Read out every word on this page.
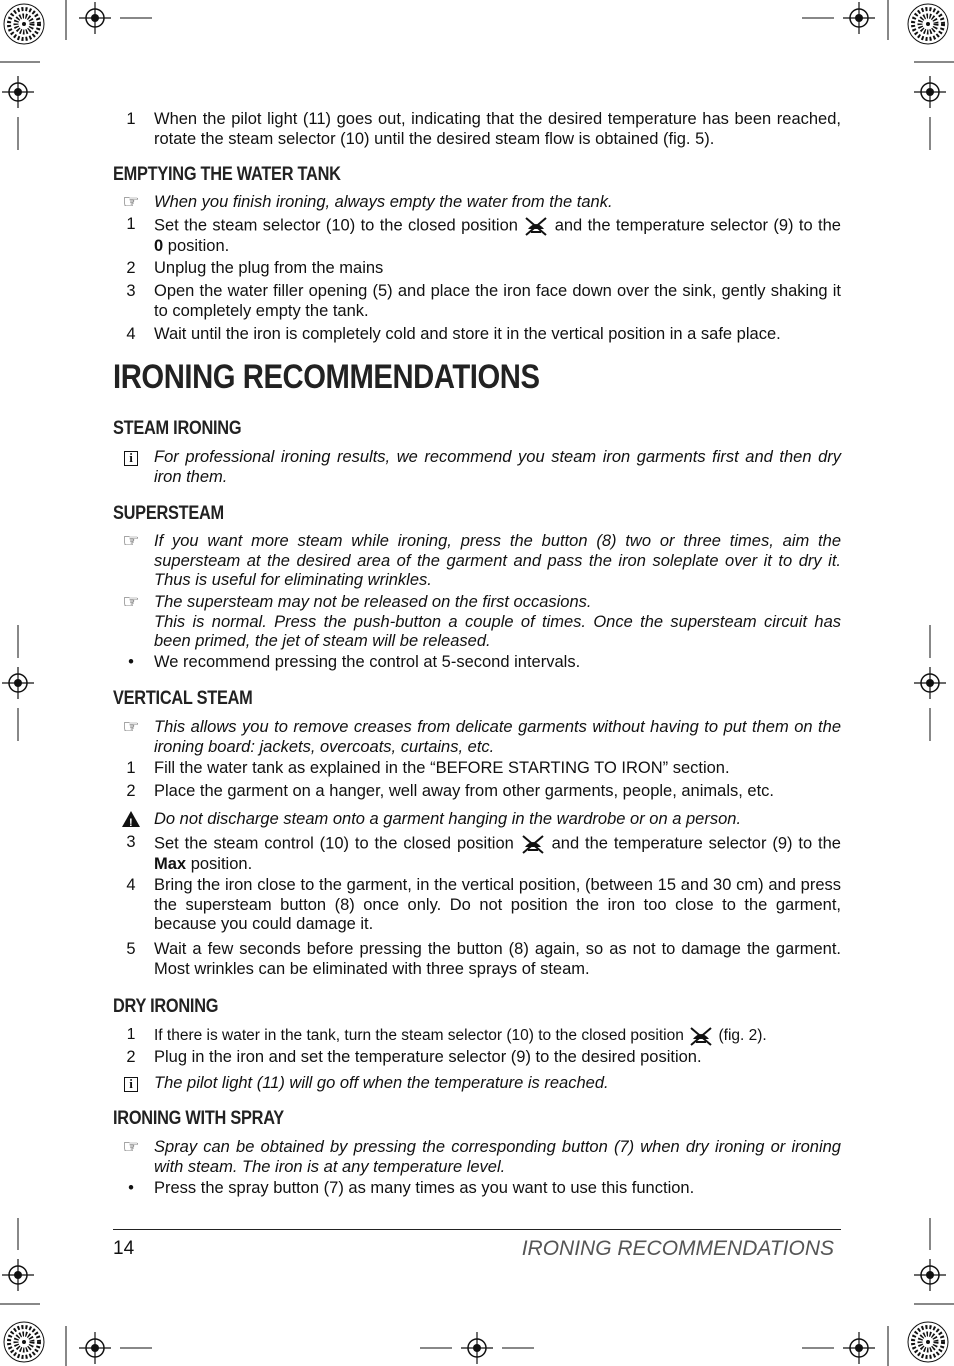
1	When the pilot light (11) goes out, indicating that the desired temperature has been reached, rotate the steam selector (10) until the desired steam flow is obtained (fig. 5).
EMPTYING THE WATER TANK
☞ When you finish ironing, always empty the water from the tank.
1	Set the steam selector (10) to the closed position and the temperature selector (9) to the 0 position.
2	Unplug the plug from the mains
3	Open the water filler opening (5) and place the iron face down over the sink, gently shaking it to completely empty the tank.
4	Wait until the iron is completely cold and store it in the vertical position in a safe place.
IRONING RECOMMENDATIONS
STEAM IRONING
i	For professional ironing results, we recommend you steam iron garments first and then dry iron them.
SUPERSTEAM
☞ If you want more steam while ironing, press the button (8) two or three times, aim the supersteam at the desired area of the garment and pass the iron soleplate over it to dry it. Thus is useful for eliminating wrinkles.
☞ The supersteam may not be released on the first occasions.
This is normal. Press the push-button a couple of times. Once the supersteam circuit has been primed, the jet of steam will be released.
•	We recommend pressing the control at 5-second intervals.
VERTICAL STEAM
☞ This allows you to remove creases from delicate garments without having to put them on the ironing board: jackets, overcoats, curtains, etc.
1	Fill the water tank as explained in the “BEFORE STARTING TO IRON” section.
2	Place the garment on a hanger, well away from other garments, people, animals, etc.
!
Do not discharge steam onto a garment hanging in the wardrobe or on a person.
3	Set the steam control (10) to the closed position and the temperature selector (9) to the Max position.
4	Bring the iron close to the garment, in the vertical position, (between 15 and 30 cm) and press the supersteam button (8) once only. Do not position the iron too close to the garment, because you could damage it.
5	Wait a few seconds before pressing the button (8) again, so as not to damage the garment. Most wrinkles can be eliminated with three sprays of steam.
DRY IRONING
1	If there is water in the tank, turn the steam selector (10) to the closed position (fig. 2).
2	Plug in the iron and set the temperature selector (9) to the desired position.
i	The pilot light (11) will go off when the temperature is reached.
IRONING WITH SPRAY
☞ Spray can be obtained by pressing the corresponding button (7) when dry ironing or ironing with steam. The iron is at any temperature level.
•	Press the spray button (7) as many times as you want to use this function.
14	IRONING RECOMMENDATIONS
